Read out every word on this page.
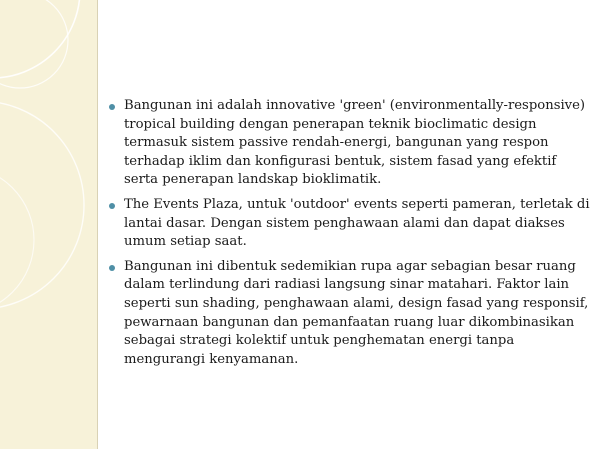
Bangunan ini adalah innovative 'green' (environmentally-responsive) tropical building dengan penerapan teknik bioclimatic design termasuk sistem passive rendah-energi, bangunan yang respon terhadap iklim dan konfigurasi bentuk, sistem fasad yang efektif serta penerapan landskap bioklimatik.
The Events Plaza, untuk 'outdoor' events seperti pameran, terletak di lantai dasar. Dengan sistem penghawaan alami dan dapat diakses umum setiap saat.
Bangunan ini dibentuk sedemikian rupa agar sebagian besar ruang dalam terlindung dari radiasi langsung sinar matahari. Faktor lain seperti sun shading, penghawaan alami, design fasad yang responsif, pewarnaan bangunan dan pemanfaatan ruang luar dikombinasikan sebagai strategi kolektif untuk penghematan energi tanpa mengurangi kenyamanan.
